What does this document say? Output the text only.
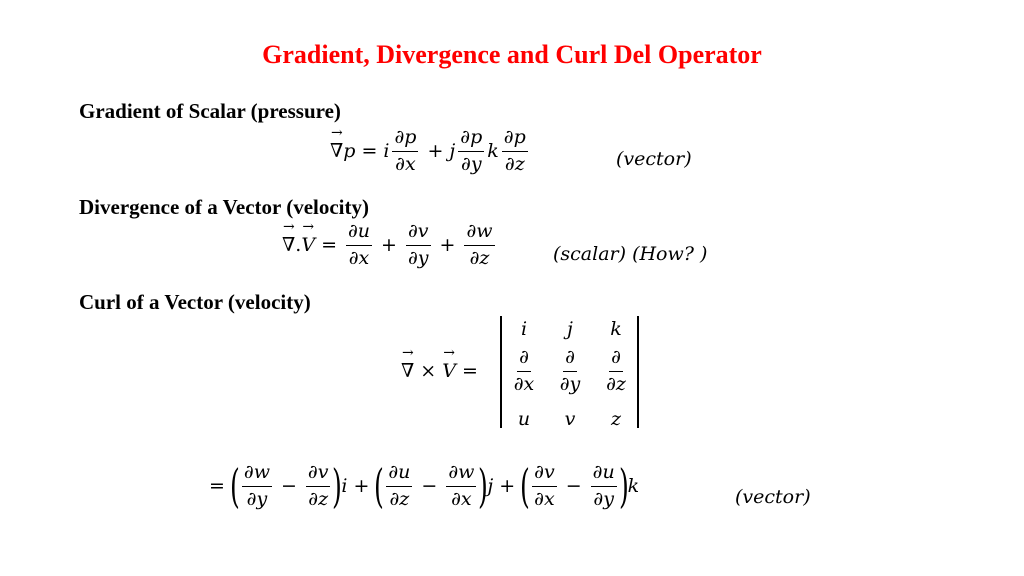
Gradient, Divergence and Curl Del Operator
Gradient of Scalar (pressure)
→ ∇ p = i $\frac{\partial p}{\partial x} + j \frac{\partial p}{\partial y}$ k $\frac{\partial p}{\partial z}$	(vector)
Divergence of a Vector (velocity)
→ ∇ . → $V = \frac{\partial u}{\partial x} + \frac{\partial v}{\partial y} + \frac{\partial w}{\partial z}$	(scalar) (How? )
Curl of a Vector (velocity)
→ ∇ × → V =
i	j	k
$\frac{\partial}{\partial x} \frac{\partial}{\partial y} \frac{\partial}{\partial z}$
u	v	z
= ( $\frac{\partial w}{\partial y} - \frac{\partial v}{\partial z}$ ) i + ( $\frac{\partial u}{\partial z} - \frac{\partial w}{\partial x}$ ) j + ( $\frac{\partial v}{\partial x} - \frac{\partial u}{\partial y}$ ) k	(vector)
